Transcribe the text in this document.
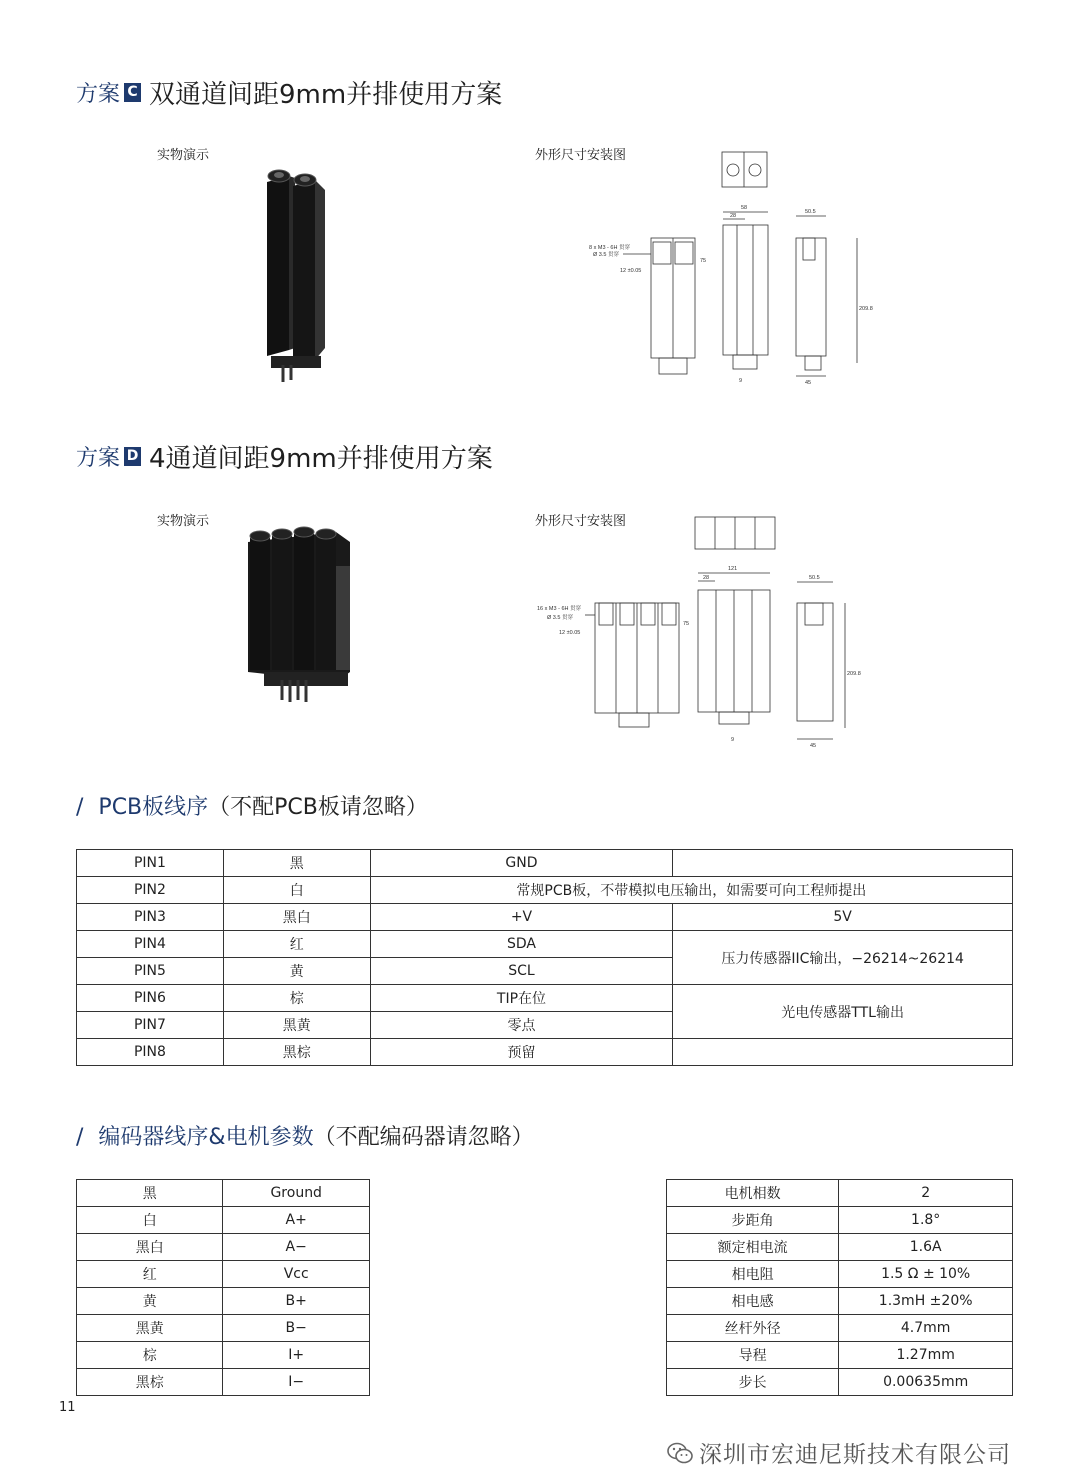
方案 C 双通道间距9mm并排使用方案
实物演示	外形尺寸安装图
8 x M3 - 6H 贯穿
Ø 3.5 贯穿
12 ±0.05
58
28
50.5
209.8
45
75
9
方案 D 4通道间距9mm并排使用方案
实物演示	外形尺寸安装图
16 x M3 - 6H 贯穿
Ø 3.5 贯穿
12 ±0.05
121
28	50.5
209.8
45
75
9
/ PCB板线序（不配PCB板请忽略）
PIN1	黑	GND	
PIN2	白	常规PCB板，不带模拟电压输出，如需要可向工程师提出	
PIN3	黑白	+V	5V
PIN4	红	SDA	压力传感器IIC输出，−26214~26214
PIN5	黄	SCL	
PIN6	棕	TIP在位	光电传感器TTL输出
PIN7	黑黄	零点	
PIN8	黑棕	预留	
/ 编码器线序&电机参数（不配编码器请忽略）
黑	Ground
白	A+
黑白	A−
红	Vcc
黄	B+
黑黄	B−
棕	I+
黑棕	I−
电机相数	2
步距角	1.8°
额定相电流	1.6A
相电阻	1.5 Ω ± 10%
相电感	1.3mH ±20%
丝杆外径	4.7mm
导程	1.27mm
步长	0.00635mm
11
深圳市宏迪尼斯技术有限公司
